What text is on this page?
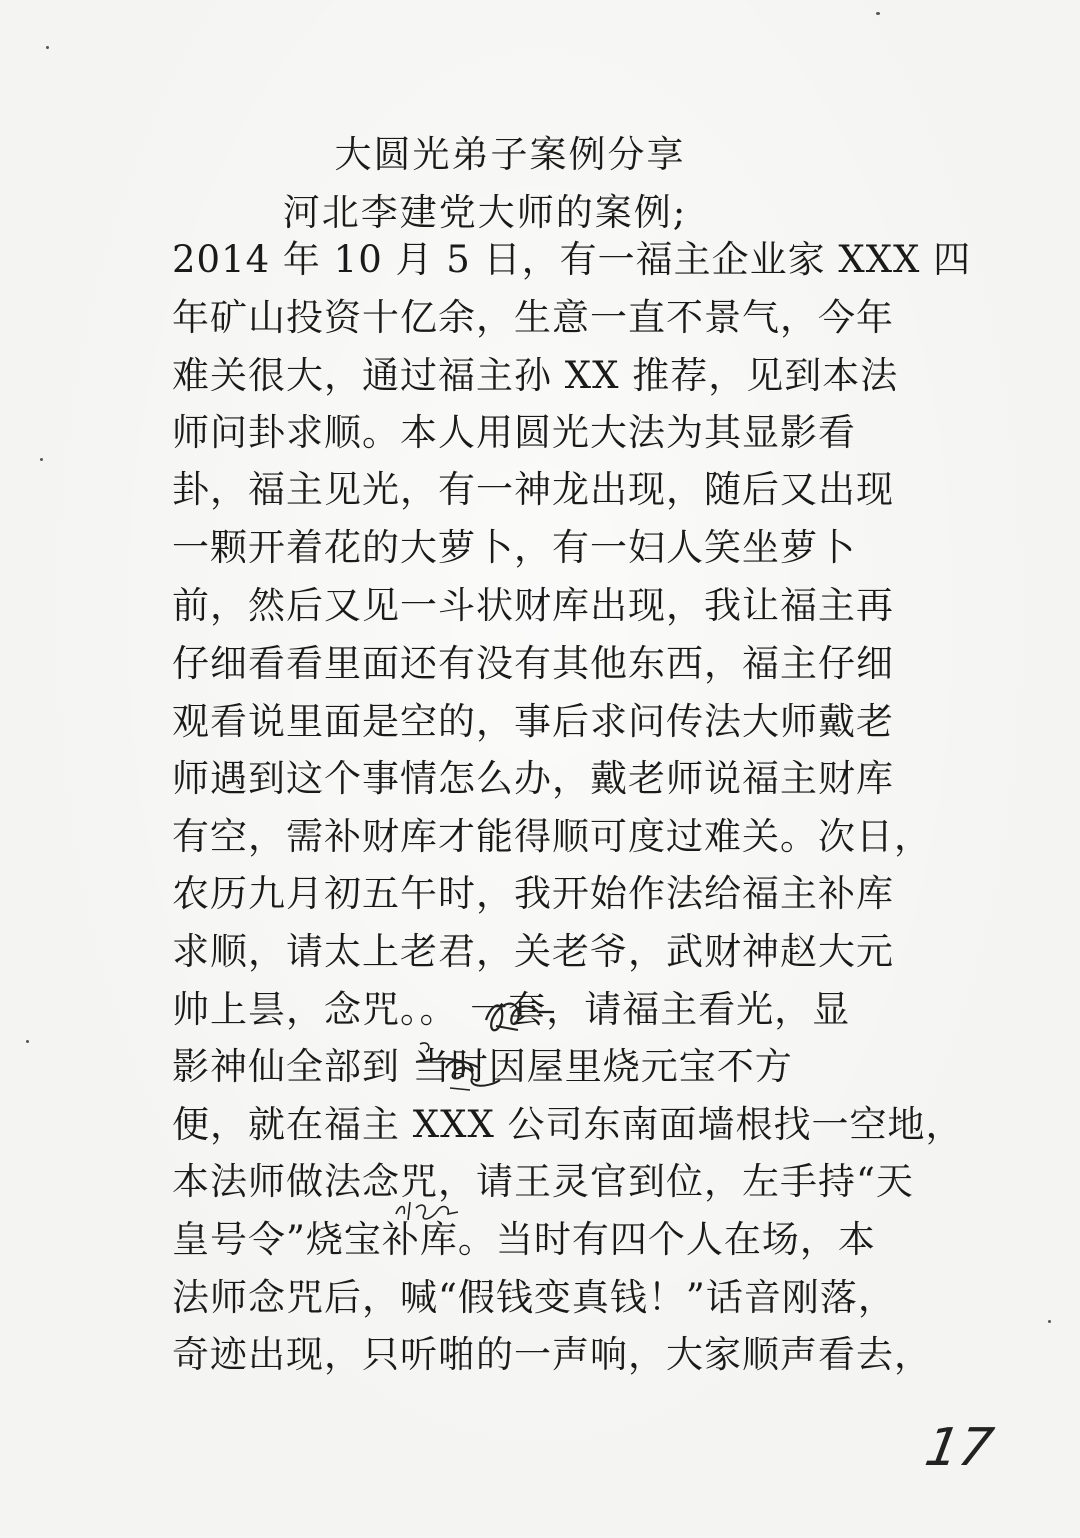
大圆光弟子案例分享
河北李建党大师的案例;
2014 年 10 月 5 日，有一福主企业家 XXX 四
年矿山投资十亿余，生意一直不景气，今年
难关很大，通过福主孙 XX 推荐，见到本法
师问卦求顺。本人用圆光大法为其显影看
卦，福主见光，有一神龙出现，随后又出现
一颗开着花的大萝卜，有一妇人笑坐萝卜
前，然后又见一斗状财库出现，我让福主再
仔细看看里面还有没有其他东西，福主仔细
观看说里面是空的，事后求问传法大师戴老
师遇到这个事情怎么办，戴老师说福主财库
有空，需补财库才能得顺可度过难关。次日，
农历九月初五午时，我开始作法给福主补库
求顺，请太上老君，关老爷，武财神赵大元
帅上昙，念咒。。 一套，请福主看光，显
影神仙全部到 当时因屋里烧元宝不方
便，就在福主 XXX 公司东南面墙根找一空地，
本法师做法念咒，请王灵官到位，左手持“天
皇号令”烧宝补库。当时有四个人在场，本
法师念咒后，喊“假钱变真钱！”话音刚落，
奇迹出现，只听啪的一声响，大家顺声看去，
17
